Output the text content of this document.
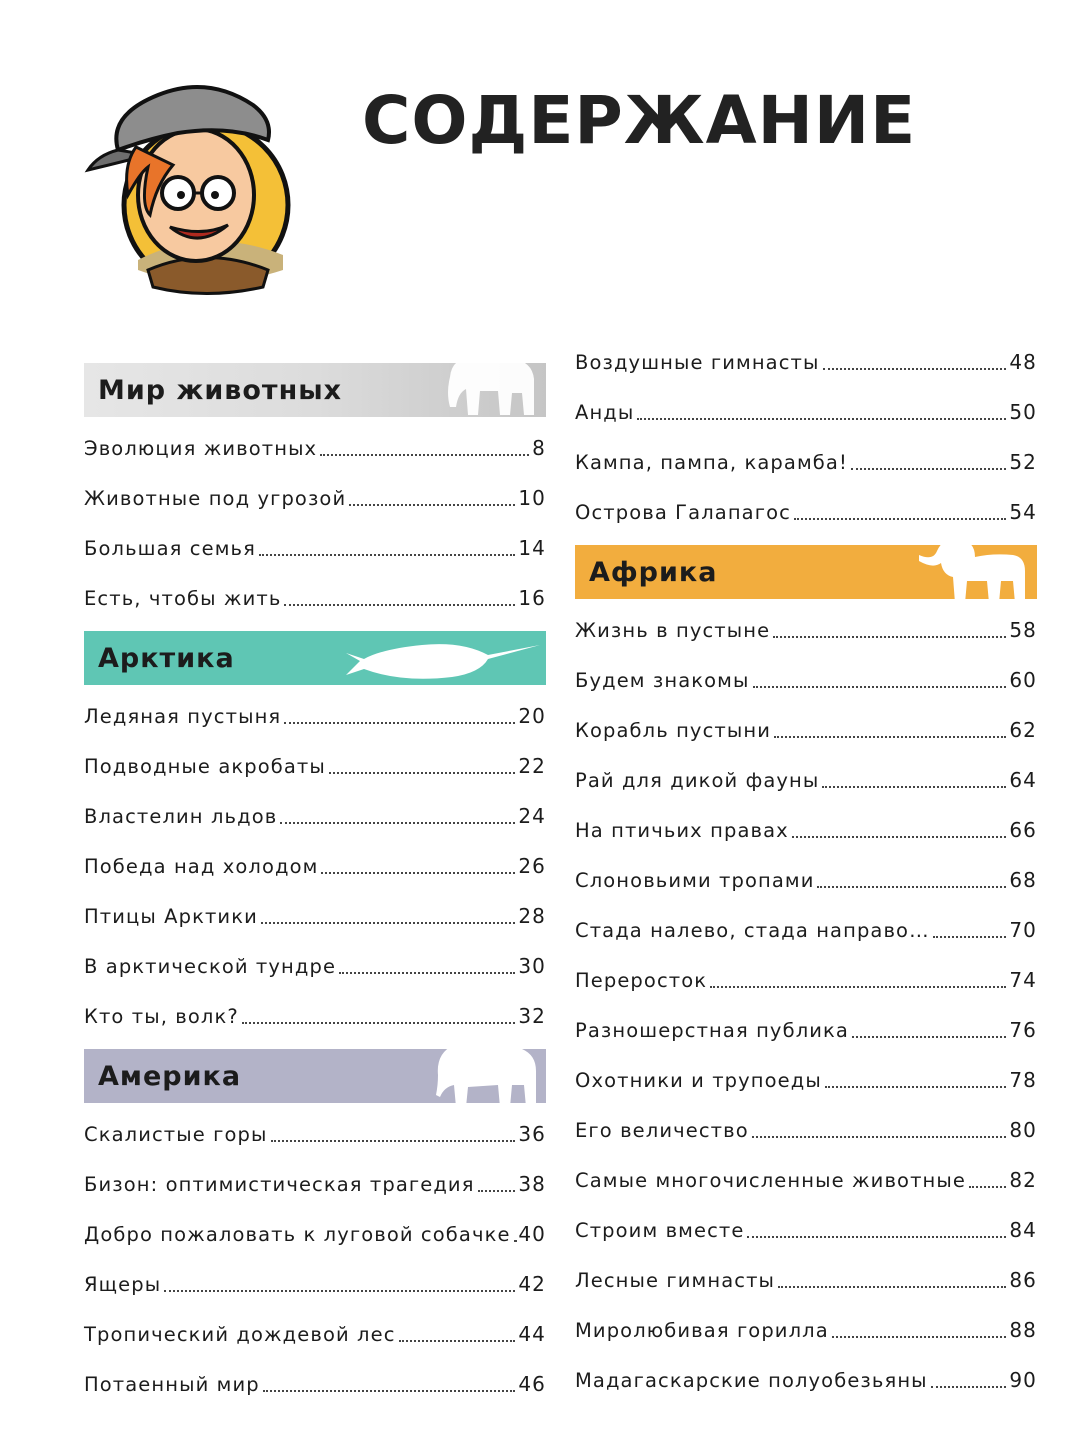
СОДЕРЖАНИЕ
Мир животных
Эволюция животных	8
Животные под угрозой	10
Большая семья	14
Есть, чтобы жить	16
Арктика
Ледяная пустыня	20
Подводные акробаты	22
Властелин льдов	24
Победа над холодом	26
Птицы Арктики	28
В арктической тундре	30
Кто ты, волк?	32
Америка
Скалистые горы	36
Бизон: оптимистическая трагедия 38
Добро пожаловать к луговой собачке 40
Ящеры	42
Тропический дождевой лес	44
Потаенный мир	46
Воздушные гимнасты	48
Анды	50
Кампа, пампа, карамба!	52
Острова Галапагос	54
Африка
Жизнь в пустыне	58
Будем знакомы	60
Корабль пустыни	62
Рай для дикой фауны	64
На птичьих правах	66
Слоновьими тропами	68
Стада налево, стада направо…	70
Переросток	74
Разношерстная публика	76
Охотники и трупоеды	78
Его величество	80
Самые многочисленные животные 82
Строим вместе	84
Лесные гимнасты	86
Миролюбивая горилла	88
Мадагаскарские полуобезьяны	90
